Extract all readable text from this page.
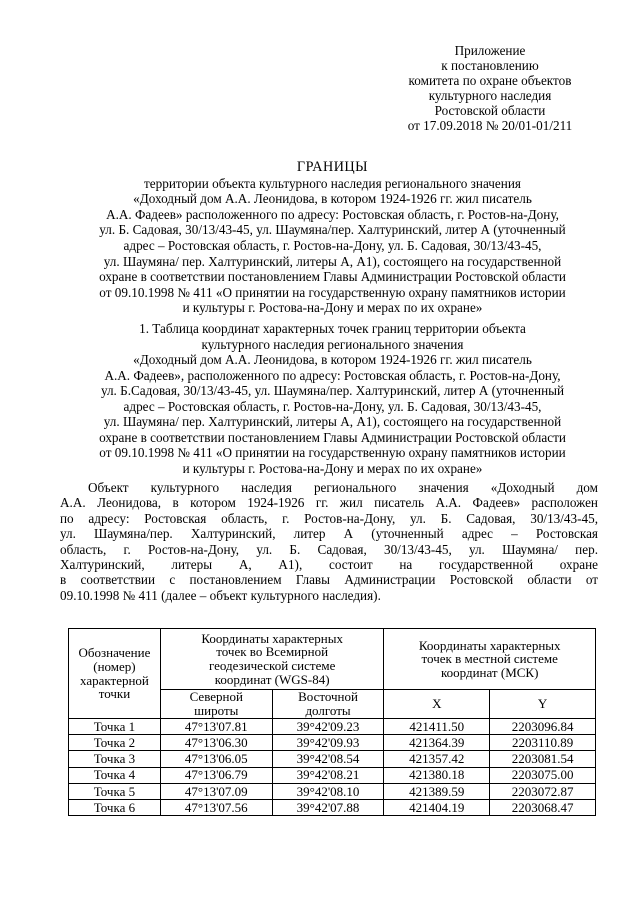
Приложение
к постановлению
комитета по охране объектов
культурного наследия
Ростовской области
от 17.09.2018 № 20/01-01/211
ГРАНИЦЫ
территории объекта культурного наследия регионального значения
«Доходный дом А.А. Леонидова, в котором 1924-1926 гг. жил писатель
А.А. Фадеев» расположенного по адресу: Ростовская область, г. Ростов-на-Дону,
ул. Б. Садовая, 30/13/43-45, ул. Шаумяна/пер. Халтуринский, литер А (уточненный
адрес – Ростовская область, г. Ростов-на-Дону, ул. Б. Садовая, 30/13/43-45,
ул. Шаумяна/ пер. Халтуринский, литеры А, А1), состоящего на государственной
охране в соответствии постановлением Главы Администрации Ростовской области
от 09.10.1998 № 411 «О принятии на государственную охрану памятников истории
и культуры г. Ростова-на-Дону и мерах по их охране»
1. Таблица координат характерных точек границ территории объекта
культурного наследия регионального значения
«Доходный дом А.А. Леонидова, в котором 1924-1926 гг. жил писатель
А.А. Фадеев», расположенного по адресу: Ростовская область, г. Ростов-на-Дону,
ул. Б.Садовая, 30/13/43-45, ул. Шаумяна/пер. Халтуринский, литер А (уточненный
адрес – Ростовская область, г. Ростов-на-Дону, ул. Б. Садовая, 30/13/43-45,
ул. Шаумяна/ пер. Халтуринский, литеры А, А1), состоящего на государственной
охране в соответствии постановлением Главы Администрации Ростовской области
от 09.10.1998 № 411 «О принятии на государственную охрану памятников истории
и культуры г. Ростова-на-Дону и мерах по их охране»
Объект культурного наследия регионального значения «Доходный дом
А.А. Леонидова, в котором 1924-1926 гг. жил писатель А.А. Фадеев» расположен
по адресу: Ростовская область, г. Ростов-на-Дону, ул. Б. Садовая, 30/13/43-45,
ул. Шаумяна/пер. Халтуринский, литер А (уточненный адрес – Ростовская
область, г. Ростов-на-Дону, ул. Б. Садовая, 30/13/43-45, ул. Шаумяна/ пер.
Халтуринский, литеры А, А1), состоит на государственной охране
в соответствии с постановлением Главы Администрации Ростовской области от
09.10.1998 № 411 (далее – объект культурного наследия).
Обозначение
(номер)
характерной
точки	Координаты характерных
точек во Всемирной
геодезической системе
координат (WGS-84)		Координаты характерных
точек в местной системе
координат (МСК)	

	Северной
широты	Восточной
долготы	X	Y
Точка 1	47°13'07.81	39°42'09.23	421411.50	2203096.84
Точка 2	47°13'06.30	39°42'09.93	421364.39	2203110.89
Точка 3	47°13'06.05	39°42'08.54	421357.42	2203081.54
Точка 4	47°13'06.79	39°42'08.21	421380.18	2203075.00
Точка 5	47°13'07.09	39°42'08.10	421389.59	2203072.87
Точка 6	47°13'07.56	39°42'07.88	421404.19	2203068.47
